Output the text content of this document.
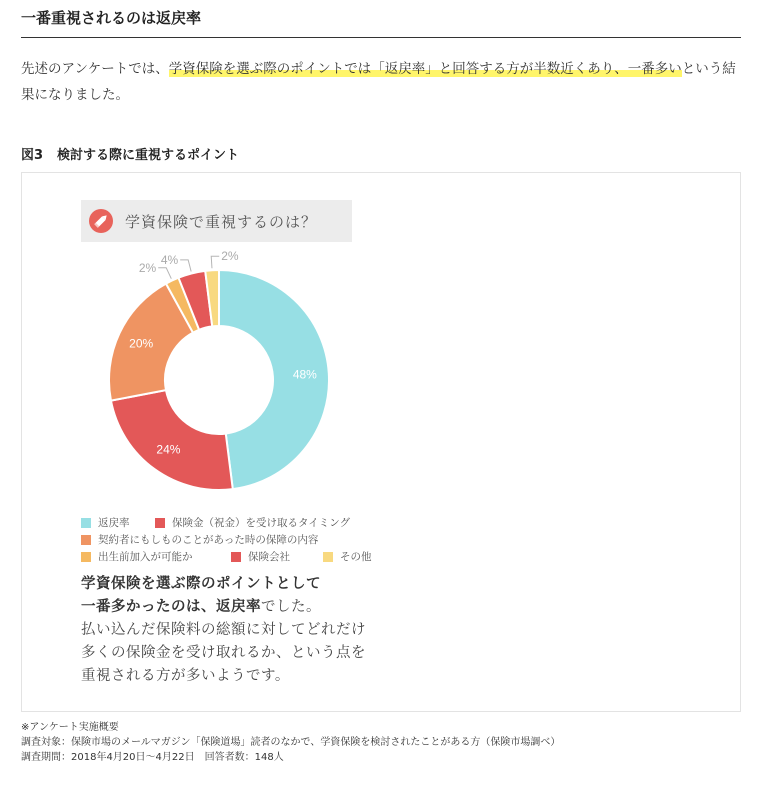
一番重視されるのは返戻率
先述のアンケートでは、学資保険を選ぶ際のポイントでは「返戻率」と回答する方が半数近くあり、一番多いという結果になりました。
図3 検討する際に重視するポイント
学資保険で重視するのは？
48%
24%
20%
2%
4%	2%
返戻率	保険金（祝金）を受け取るタイミング
契約者にもしものことがあった時の保障の内容
出生前加入が可能か	保険会社	その他
学資保険を選ぶ際のポイントとして
一番多かったのは、返戻率でした。
払い込んだ保険料の総額に対してどれだけ多くの保険金を受け取れるか、という点を重視される方が多いようです。
※アンケート実施概要
調査対象：保険市場のメールマガジン「保険道場」読者のなかで、学資保険を検討されたことがある方（保険市場調べ）
調査期間：2018年4月20日～4月22日　回答者数：148人
